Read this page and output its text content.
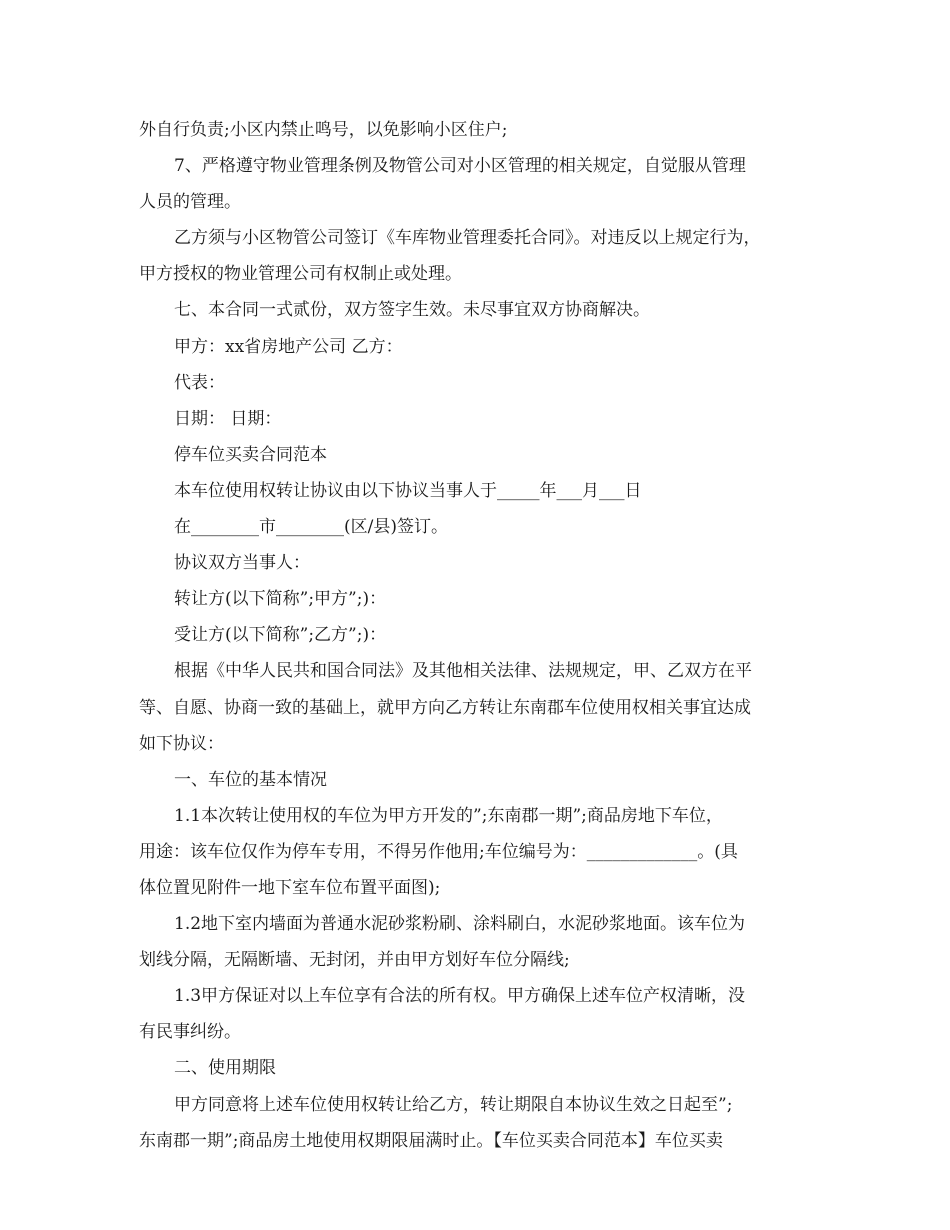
外自行负责;小区内禁止鸣号，以免影响小区住户;
7、严格遵守物业管理条例及物管公司对小区管理的相关规定，自觉服从管理
人员的管理。
乙方须与小区物管公司签订《车库物业管理委托合同》。对违反以上规定行为，
甲方授权的物业管理公司有权制止或处理。
七、本合同一式贰份，双方签字生效。未尽事宜双方协商解决。
甲方：xx省房地产公司 乙方：
代表：
日期： 日期：
停车位买卖合同范本
本车位使用权转让协议由以下协议当事人于_____年___月___日
在________市________(区/县)签订。
协议双方当事人：
转让方(以下简称”;甲方”;)：
受让方(以下简称”;乙方”;)：
根据《中华人民共和国合同法》及其他相关法律、法规规定，甲、乙双方在平
等、自愿、协商一致的基础上，就甲方向乙方转让东南郡车位使用权相关事宜达成
如下协议：
一、车位的基本情况
1.1本次转让使用权的车位为甲方开发的”;东南郡一期”;商品房地下车位，
用途：该车位仅作为停车专用，不得另作他用;车位编号为：_____________。(具
体位置见附件一地下室车位布置平面图);
1.2地下室内墙面为普通水泥砂浆粉刷、涂料刷白，水泥砂浆地面。该车位为
划线分隔，无隔断墙、无封闭，并由甲方划好车位分隔线;
1.3甲方保证对以上车位享有合法的所有权。甲方确保上述车位产权清晰，没
有民事纠纷。
二、使用期限
甲方同意将上述车位使用权转让给乙方，转让期限自本协议生效之日起至”;
东南郡一期”;商品房土地使用权期限届满时止。【车位买卖合同范本】车位买卖
